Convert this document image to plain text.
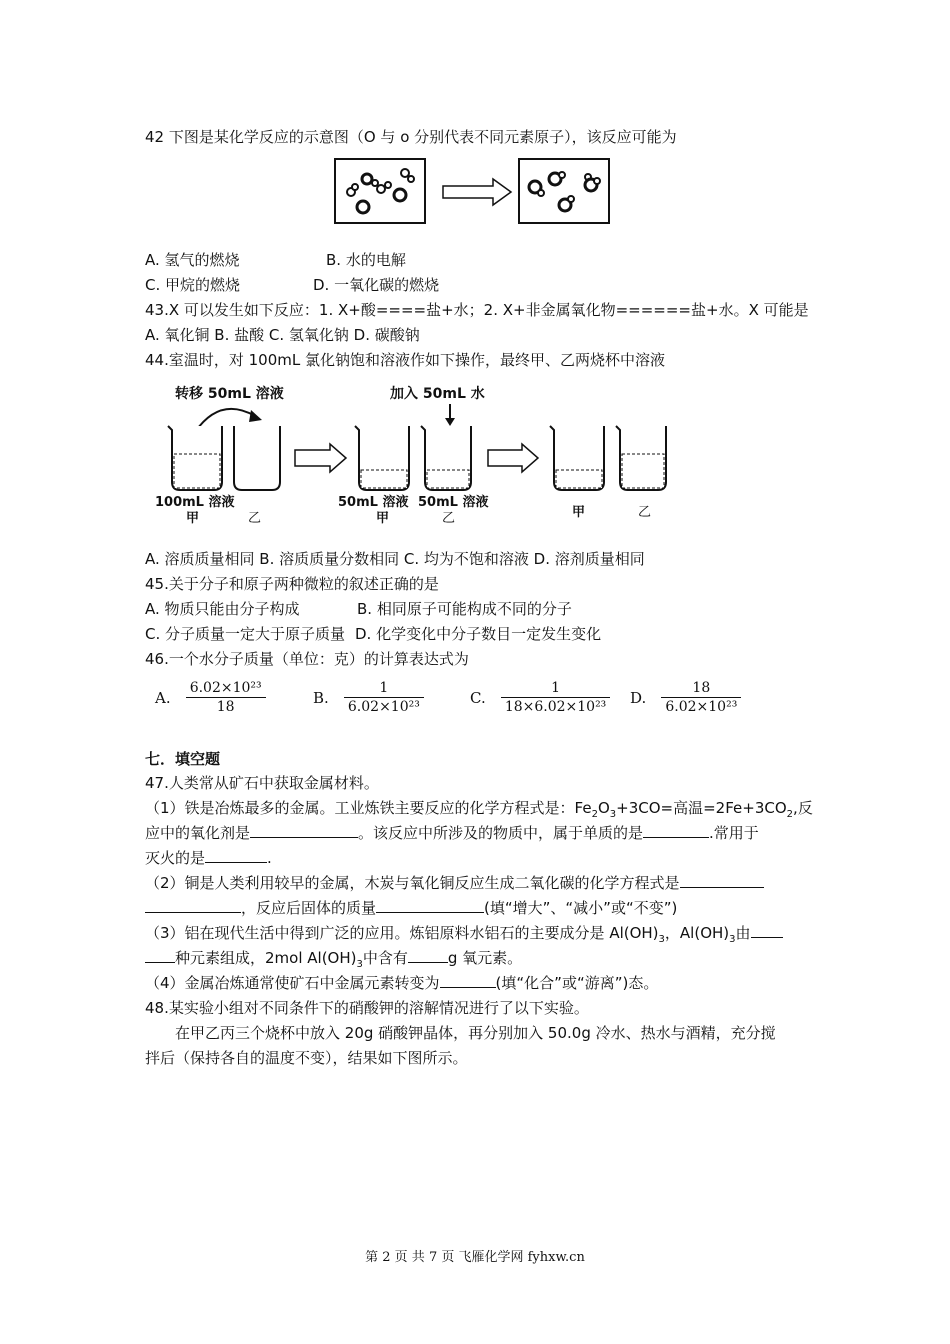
42 下图是某化学反应的示意图（O 与 o 分别代表不同元素原子），该反应可能为
A. 氢气的燃烧	B. 水的电解
C. 甲烷的燃烧	D. 一氧化碳的燃烧
43.X 可以发生如下反应：1. X+酸====盐+水；2. X+非金属氧化物======盐+水。X 可能是
A. 氧化铜 B. 盐酸 C. 氢氧化钠 D. 碳酸钠
44.室温时，对 100mL 氯化钠饱和溶液作如下操作，最终甲、乙两烧杯中溶液
转移 50mL 溶液
100mL 溶液
甲	乙
加入 50mL 水
50mL 溶液 50mL 溶液
甲	乙	甲	乙
A. 溶质质量相同 B. 溶质质量分数相同 C. 均为不饱和溶液 D. 溶剂质量相同
45.关于分子和原子两种微粒的叙述正确的是
A. 物质只能由分子构成	B. 相同原子可能构成不同的分子
C. 分子质量一定大于原子质量 D. 化学变化中分子数目一定发生变化
46.一个水分子质量（单位：克）的计算表达式为
A. $\frac{\text{6.02×10²³}}{18}$	B. $\frac{1}{\text{6.02×10²³}}$	C. $\frac{1}{\text{18×6.02×10²³}} D$. $\frac{18}{\text{6.02×10²³}}$
七．填空题
47.人类常从矿石中获取金属材料。
（1）铁是冶炼最多的金属。工业炼铁主要反应的化学方程式是：$Fe_2O_3+3CO=$高温$=2Fe+3CO_2$,反
应中的氧化剂是	。该反应中所涉及的物质中，属于单质的是	.常用于
灭火的是	.
（2）铜是人类利用较早的金属，木炭与氧化铜反应生成二氧化碳的化学方程式是
，反应后固体的质量	(填“增大”、“减小”或“不变”)
（3）铝在现代生活中得到广泛的应用。炼铝原料水铝石的主要成分是 $Al(OH)_3$，$Al(OH)_3$由
种元素组成，2mol $Al(OH)_3$中含有	g 氧元素。
（4）金属冶炼通常使矿石中金属元素转变为	(填“化合”或“游离”)态。
48.某实验小组对不同条件下的硝酸钾的溶解情况进行了以下实验。
在甲乙丙三个烧杯中放入 20g 硝酸钾晶体，再分别加入 50.0g 冷水、热水与酒精，充分搅
拌后（保持各自的温度不变），结果如下图所示。
第 2 页 共 7 页 飞雁化学网 fyhxw.cn
